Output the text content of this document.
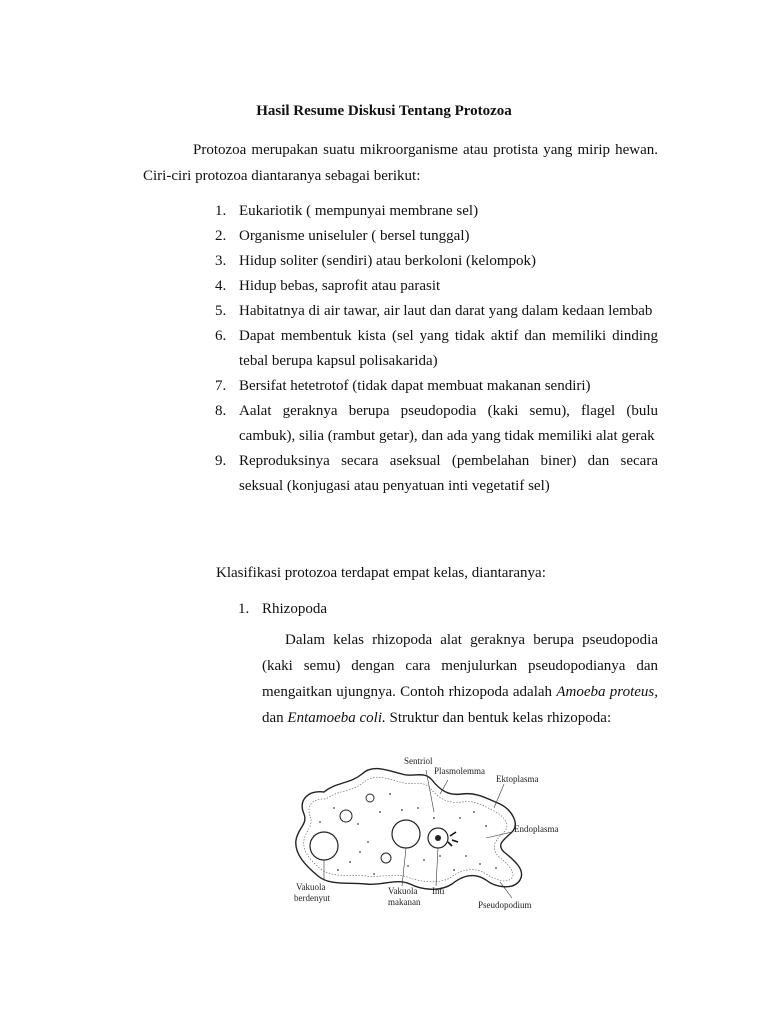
Hasil Resume Diskusi Tentang Protozoa

Protozoa merupakan suatu mikroorganisme atau protista yang mirip hewan. Ciri-ciri protozoa diantaranya sebagai berikut:

1. Eukariotik ( mempunyai membrane sel)
2. Organisme uniseluler ( bersel tunggal)
3. Hidup soliter (sendiri) atau berkoloni (kelompok)
4. Hidup bebas, saprofit atau parasit
5. Habitatnya di air tawar, air laut dan darat yang dalam kedaan lembab
6. Dapat membentuk kista (sel yang tidak aktif dan memiliki dinding tebal berupa kapsul polisakarida)
7. Bersifat hetetrotof (tidak dapat membuat makanan sendiri)
8. Aalat geraknya berupa pseudopodia (kaki semu), flagel (bulu cambuk), silia (rambut getar), dan ada yang tidak memiliki alat gerak
9. Reproduksinya secara aseksual (pembelahan biner) dan secara seksual (konjugasi atau penyatuan inti vegetatif sel)
Klasifikasi protozoa terdapat empat kelas, diantaranya:
1. Rhizopoda

Dalam kelas rhizopoda alat geraknya berupa pseudopodia (kaki semu) dengan cara menjulurkan pseudopodianya dan mengaitkan ujungnya. Contoh rhizopoda adalah Amoeba proteus, dan Entamoeba coli. Struktur dan bentuk kelas rhizopoda:

Sentriol
Plasmolemma
Ektoplasma
Endoplasma
Vakuola
berdenyut
Vakuola
makanan
Inti
Pseudopodium
